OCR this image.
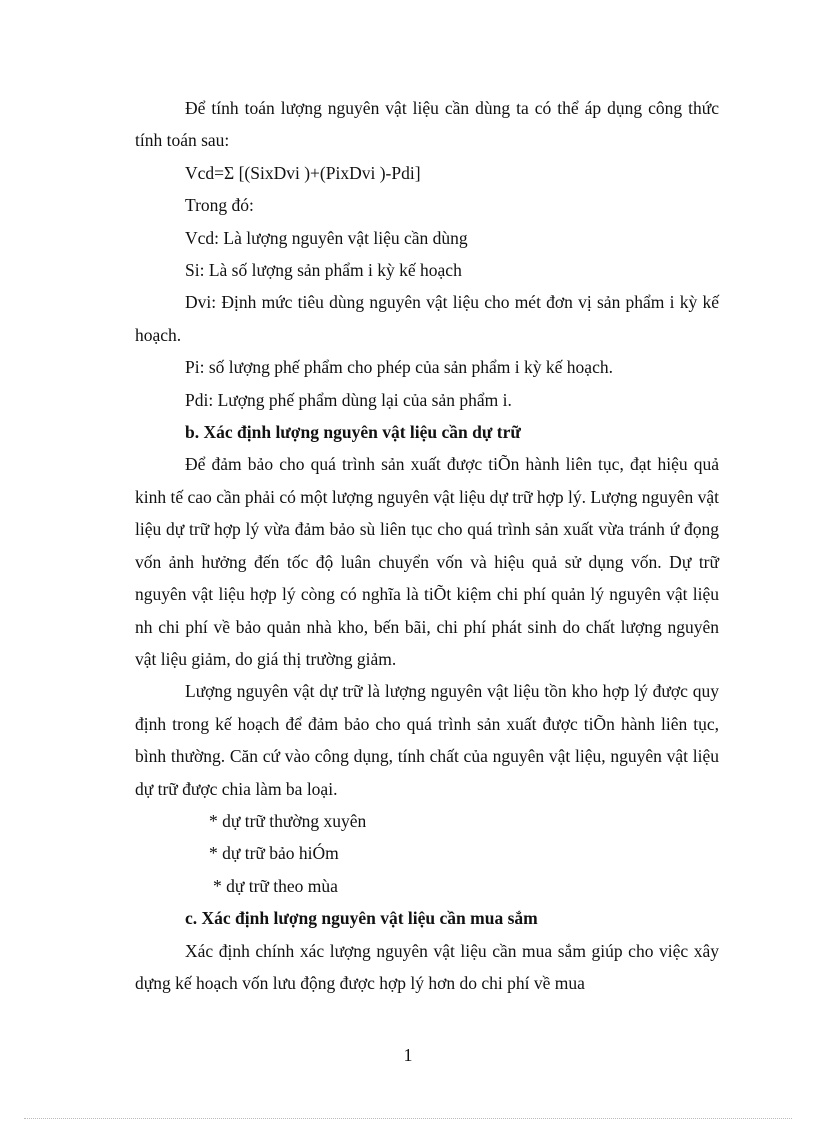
Để tính toán lượng nguyên vật liệu cần dùng ta có thể áp dụng công thức tính toán sau:

Vcd=Σ [(SixDvi )+(PixDvi )-Pdi]

Trong đó:

Vcd: Là lượng nguyên vật liệu cần dùng

Si: Là số lượng sản phẩm i kỳ kế hoạch

Dvi: Định mức tiêu dùng nguyên vật liệu cho mét đơn vị sản phẩm i kỳ kế hoạch.

Pi: số lượng phế phẩm cho phép của sản phẩm i kỳ kế hoạch.

Pdi: Lượng phế phẩm dùng lại của sản phẩm i.

b. Xác định lượng nguyên vật liệu cần dự trữ

Để đảm bảo cho quá trình sản xuất được tiÕn hành liên tục, đạt hiệu quả kinh tế cao cần phải có một lượng nguyên vật liệu dự trữ hợp lý. Lượng nguyên vật liệu dự trữ hợp lý vừa đảm bảo sù liên tục cho quá trình sản xuất vừa tránh ứ đọng vốn ảnh hưởng đến tốc độ luân chuyển vốn và hiệu quả sử dụng vốn. Dự trữ nguyên vật liệu hợp lý còng có nghĩa là tiÕt kiệm chi phí quản lý nguyên vật liệu nh chi phí về bảo quản nhà kho, bến bãi, chi phí phát sinh do chất lượng nguyên vật liệu giảm, do giá thị trường giảm.

Lượng nguyên vật dự trữ là lượng nguyên vật liệu tồn kho hợp lý được quy định trong kế hoạch để đảm bảo cho quá trình sản xuất được tiÕn hành liên tục, bình thường. Căn cứ vào công dụng, tính chất của nguyên vật liệu, nguyên vật liệu dự trữ được chia làm ba loại.

* dự trữ thường xuyên

* dự trữ bảo hiÓm

* dự trữ theo mùa

c. Xác định lượng nguyên vật liệu cần mua sắm

Xác định chính xác lượng nguyên vật liệu cần mua sắm giúp cho việc xây dựng kế hoạch vốn lưu động được hợp lý hơn do chi phí về mua

1
